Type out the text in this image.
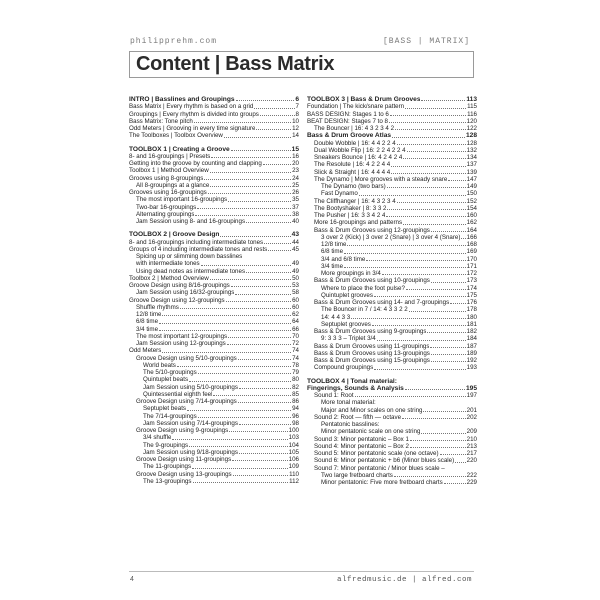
philipprehm.com	[BASS | MATRIX]
Content | Bass Matrix
INTRO | Basslines and Groupings	6
Bass Matrix | Every rhythm is based on a grid	7
Groupings | Every rhythm is divided into groups	8
Bass Matrix: Tone pitch	10
Odd Meters | Grooving in every time signature	12
The Toolboxes | Toolbox Overview	14
TOOLBOX 1 | Creating a Groove	15
8- and 16-groupings | Presets	16
Getting into the groove by counting and clapping	20
Toolbox 1 | Method Overview	23
Grooves using 8-groupings	24
All 8-groupings at a glance	25
Grooves using 16-groupings	26
The most important 16-groupings	35
Two-bar 16-groupings	37
Alternating groupings	38
Jam Session using 8- and 16-groupings	40
TOOLBOX 2 | Groove Design	43
8- and 16-groupings including intermediate tones	44
Groups of 4 including intermediate tones and rests	45
Spicing up or slimming down basslines
with intermediate tones	49
Using dead notes as intermediate tones	49
Toolbox 2 | Method Overview	50
Groove Design using 8/16-groupings	53
Jam Session using 16/32-groupings	58
Groove Design using 12-groupings	60
Shuffle rhythms	60
12/8 time	62
6/8 time	64
3/4 time	66
The most important 12-groupings	70
Jam Session using 12-groupings	72
Odd Meters	74
Groove Design using 5/10-groupings	74
World beats	78
The 5/10-groupings	79
Quintuplet beats	80
Jam Session using 5/10-groupings	82
Quintessential eighth feel	85
Groove Design using 7/14-groupings	86
Septuplet beats	94
The 7/14-groupings	96
Jam Session using 7/14-groupings	98
Groove Design using 9-groupings	100
3/4 shuffle	103
The 9-groupings	104
Jam Session using 9/18-groupings	105
Groove Design using 11-groupings	106
The 11-groupings	109
Groove Design using 13-groupings	110
The 13-groupings	112
TOOLBOX 3 | Bass & Drum Grooves	113
Foundation | The kick/snare pattern	115
BASS DESIGN: Stages 1 to 6	116
BEAT DESIGN: Stages 7 to 8	120
The Bouncer | 16: 4 3 2 3 4 2	122
Bass & Drum Groove Atlas	128
Double Wobble | 16: 4 4 2 2 4	128
Dual Wobble Flip | 16: 2 2 4 2 2 4	132
Sneakers Bounce | 16: 4 2 4 2 4	134
The Resolute | 16: 4 2 2 4 4	137
Slick & Straight | 16: 4 4 4 4	139
The Dynamo | More grooves with a steady snare	147
The Dynamo (two bars)	149
Fast Dynamo	150
The Cliffhanger | 16: 4 3 2 3 4	152
The Bootyshaker | 8: 3 3 2	154
The Pusher | 16: 3 3 4 2 4	160
More 16-groupings and patterns	162
Bass & Drum Grooves using 12-groupings	164
3 over 2 (Kick) | 3 over 2 (Snare) | 3 over 4 (Snare) 166
12/8 time	168
6/8 time	169
3/4 and 6/8 time	170
3/4 time	171
More groupings in 3/4	172
Bass & Drum Grooves using 10-groupings	173
Where to place the foot pulse?	174
Quintuplet grooves	175
Bass & Drum Grooves using 14- and 7-groupings	176
The Bouncer in 7 / 14: 4 3 3 2 2	178
14: 4 4 3 3	180
Septuplet grooves	181
Bass & Drum Grooves using 9-groupings	182
9: 3 3 3 – Triplet 3/4	184
Bass & Drum Grooves using 11-groupings	187
Bass & Drum Grooves using 13-groupings	189
Bass & Drum Grooves using 15-groupings	192
Compound groupings	193
TOOLBOX 4 | Tonal material:
Fingerings, Sounds & Analysis	195
Sound 1: Root	197
More tonal material:
Major and Minor scales on one string	201
Sound 2: Root — fifth — octave	202
Pentatonic basslines:
Minor pentatonic scale on one string	209
Sound 3: Minor pentatonic – Box 1	210
Sound 4: Minor pentatonic – Box 2	213
Sound 5: Minor pentatonic scale (one octave)	217
Sound 6: Minor pentatonic + b6 (Minor blues scale) 220
Sound 7: Minor pentatonic / Minor blues scale –
Two large fretboard charts	222
Minor pentatonic: Five more fretboard charts	229
4	alfredmusic.de | alfred.com
